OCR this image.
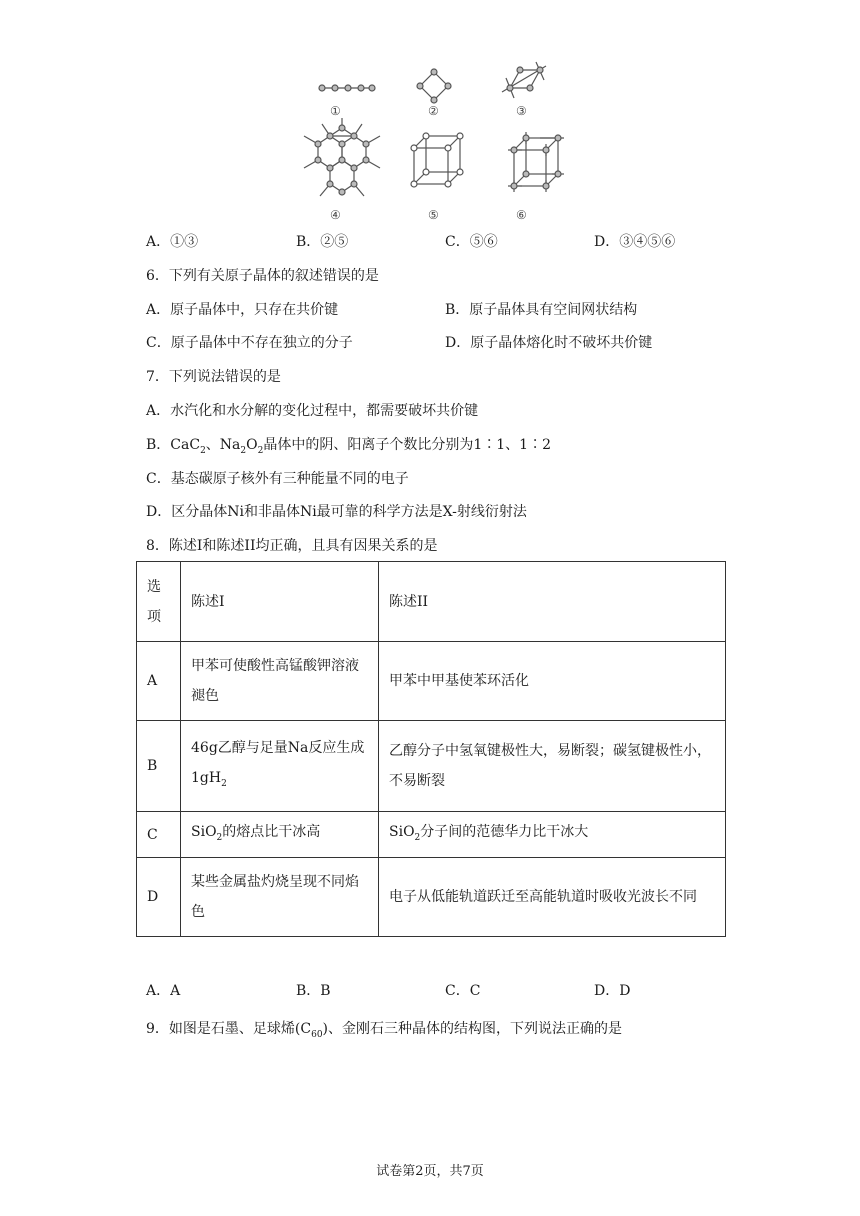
①	②	③
④	⑤	⑥
A．①③	B．②⑤	C．⑤⑥	D．③④⑤⑥
6．下列有关原子晶体的叙述错误的是
A．原子晶体中，只存在共价键	B．原子晶体具有空间网状结构
C．原子晶体中不存在独立的分子	D．原子晶体熔化时不破坏共价键
7．下列说法错误的是
A．水汽化和水分解的变化过程中，都需要破坏共价键
B．CaC$_2$、$Na_2O_2$晶体中的阴、阳离子个数比分别为1∶1、1∶2
C．基态碳原子核外有三种能量不同的电子
D．区分晶体Ni和非晶体Ni最可靠的科学方法是X-射线衍射法
8．陈述I和陈述II均正确，且具有因果关系的是
选
项	陈述I	陈述II
A	甲苯可使酸性高锰酸钾溶液褪色	甲苯中甲基使苯环活化
B	46g乙醇与足量Na反应生成$1gH_2$	乙醇分子中氢氧键极性大，易断裂；碳氢键极性小，不易断裂
C	SiO$_2$的熔点比干冰高	SiO$_2$分子间的范德华力比干冰大
D	某些金属盐灼烧呈现不同焰色	电子从低能轨道跃迁至高能轨道时吸收光波长不同
A．A	B．B	C．C	D．D
9．如图是石墨、足球烯$(C_{60})$、金刚石三种晶体的结构图，下列说法正确的是
试卷第2页，共7页
